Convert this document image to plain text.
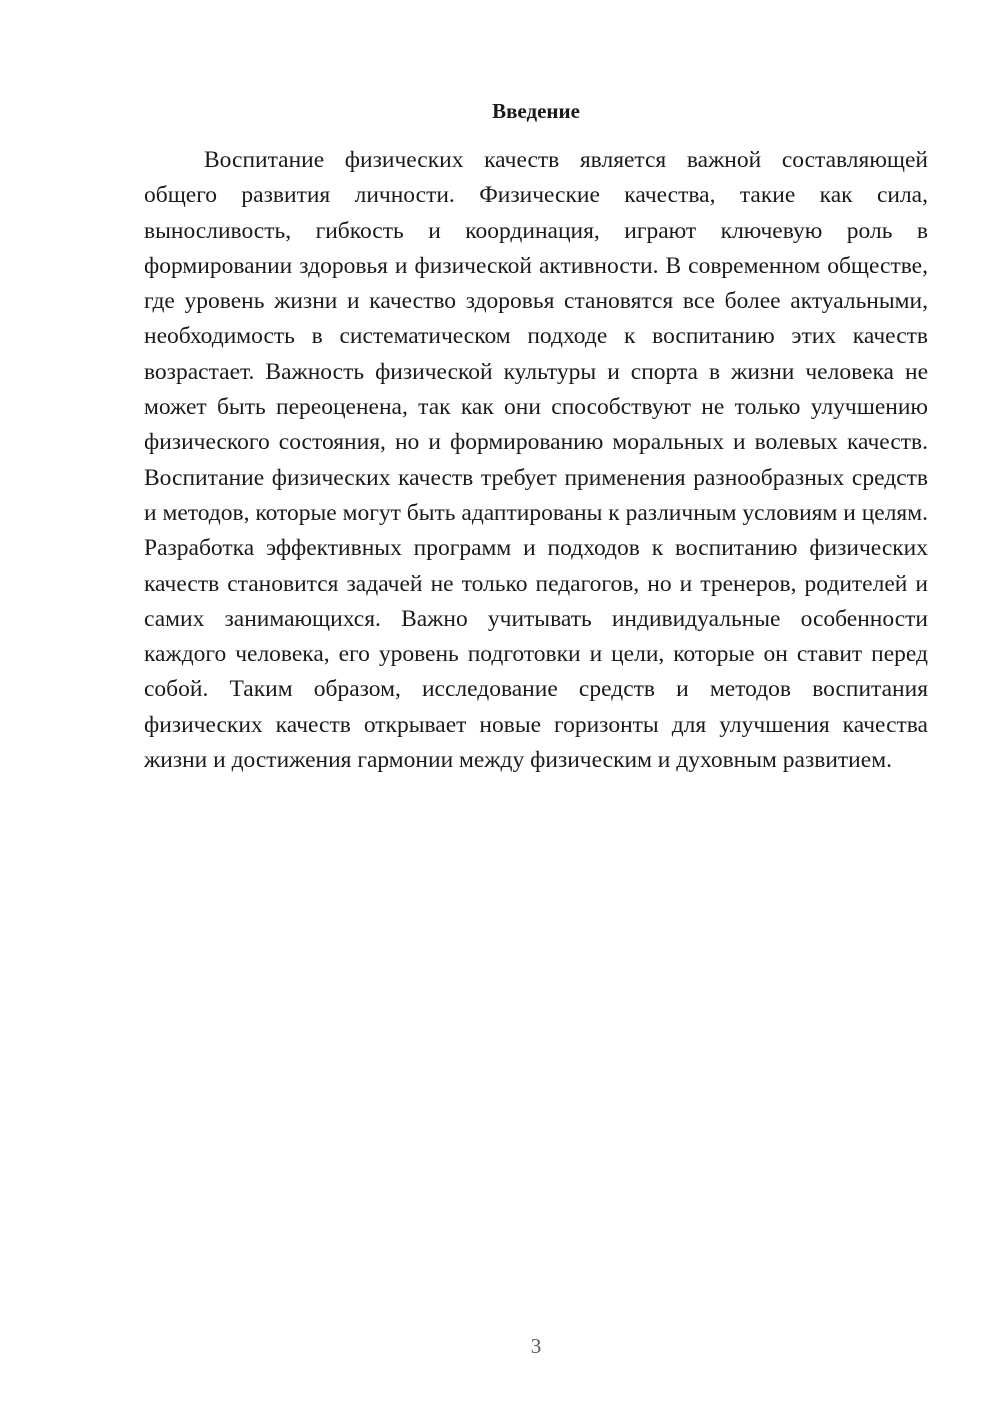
Введение

Воспитание физических качеств является важной составляющей общего развития личности. Физические качества, такие как сила, выносливость, гибкость и координация, играют ключевую роль в формировании здоровья и физической активности. В современном обществе, где уровень жизни и качество здоровья становятся все более актуальными, необходимость в систематическом подходе к воспитанию этих качеств возрастает. Важность физической культуры и спорта в жизни человека не может быть переоценена, так как они способствуют не только улучшению физического состояния, но и формированию моральных и волевых качеств. Воспитание физических качеств требует применения разнообразных средств и методов, которые могут быть адаптированы к различным условиям и целям. Разработка эффективных программ и подходов к воспитанию физических качеств становится задачей не только педагогов, но и тренеров, родителей и самих занимающихся. Важно учитывать индивидуальные особенности каждого человека, его уровень подготовки и цели, которые он ставит перед собой. Таким образом, исследование средств и методов воспитания физических качеств открывает новые горизонты для улучшения качества жизни и достижения гармонии между физическим и духовным развитием.

3
